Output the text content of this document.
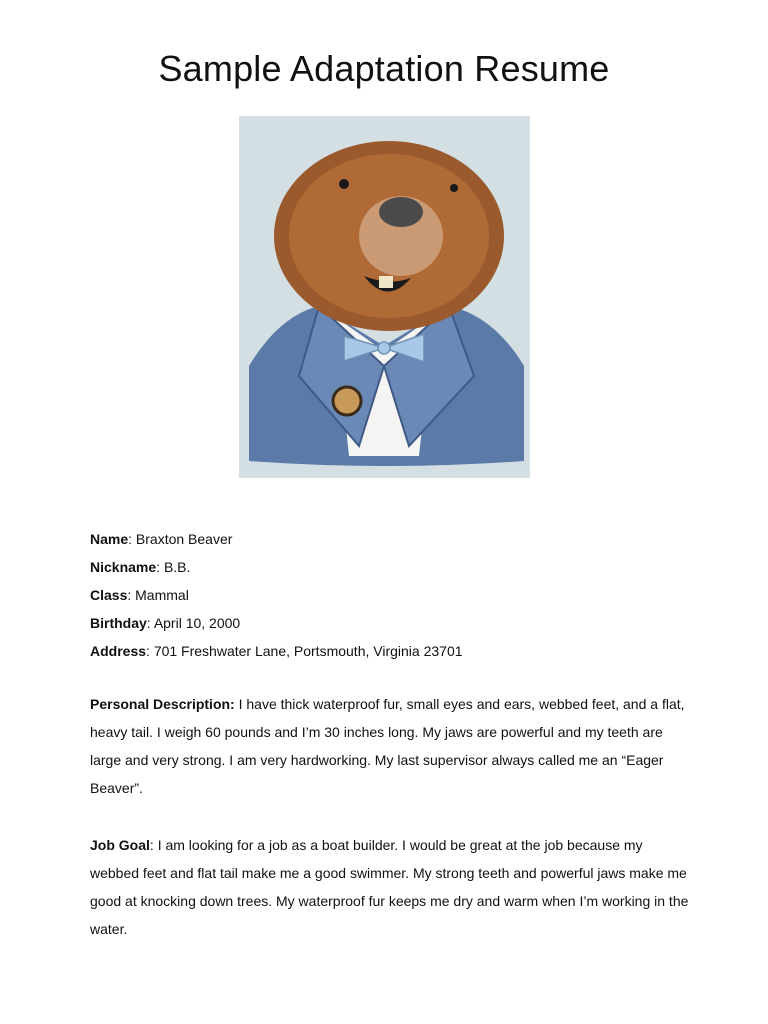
Sample Adaptation Resume
Name: Braxton Beaver
Nickname: B.B.
Class: Mammal
Birthday: April 10, 2000
Address: 701 Freshwater Lane, Portsmouth, Virginia 23701

Personal Description: I have thick waterproof fur, small eyes and ears, webbed feet, and a flat, heavy tail. I weigh 60 pounds and I’m 30 inches long. My jaws are powerful and my teeth are large and very strong. I am very hardworking. My last supervisor always called me an “Eager Beaver”.

Job Goal: I am looking for a job as a boat builder. I would be great at the job because my webbed feet and flat tail make me a good swimmer. My strong teeth and powerful jaws make me good at knocking down trees. My waterproof fur keeps me dry and warm when I’m working in the water.
